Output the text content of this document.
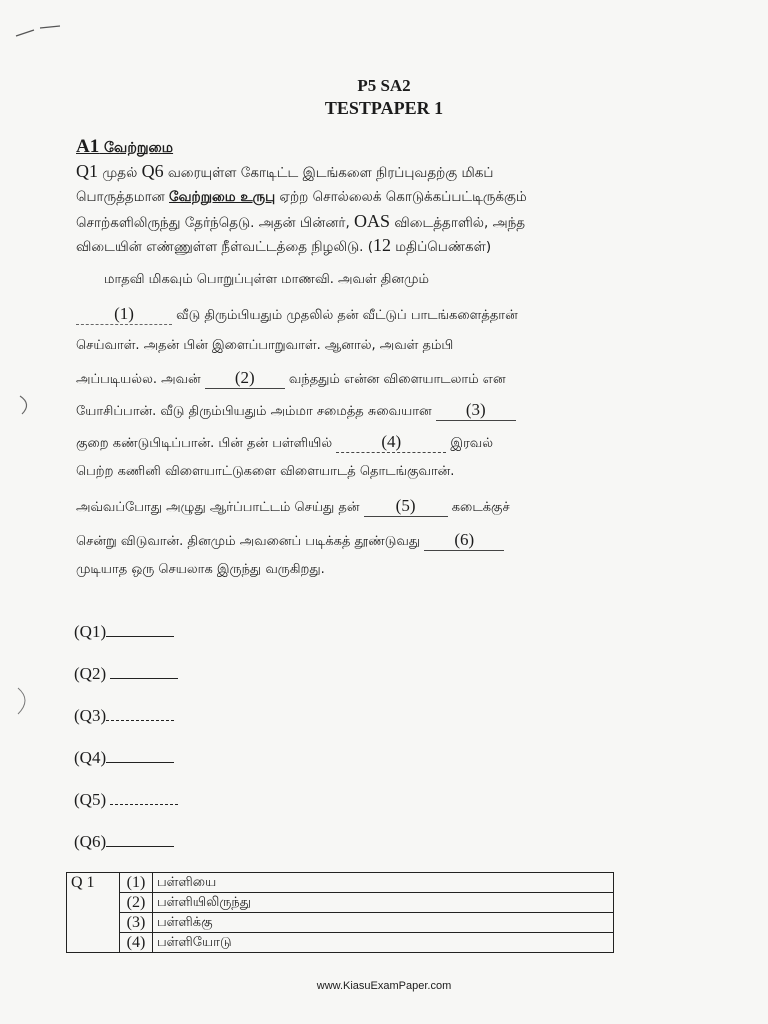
P5 SA2
TESTPAPER 1
A1 வேற்றுமை
Q1 முதல் Q6 வரையுள்ள கோடிட்ட இடங்களை நிரப்புவதற்கு மிகப்
பொருத்தமான வேற்றுமை உருபு ஏற்ற சொல்லைக் கொடுக்கப்பட்டிருக்கும்
சொற்களிலிருந்து தேர்ந்தெடு. அதன் பின்னர், OAS விடைத்தாளில், அந்த
விடையின் எண்ணுள்ள நீள்வட்டத்தை நிழலிடு. (12 மதிப்பெண்கள்)
மாதவி மிகவும் பொறுப்புள்ள மாணவி. அவள் தினமும்
(1)	வீடு திரும்பியதும் முதலில் தன் வீட்டுப் பாடங்களைத்தான்
செய்வாள். அதன் பின் இளைப்பாறுவாள். ஆனால், அவள் தம்பி
அப்படியல்ல. அவன் (2)	வந்ததும் என்ன விளையாடலாம் என
யோசிப்பான். வீடு திரும்பியதும் அம்மா சமைத்த சுவையான (3)
குறை கண்டுபிடிப்பான். பின் தன் பள்ளியில்	(4)	இரவல்
பெற்ற கணினி விளையாட்டுகளை விளையாடத் தொடங்குவான்.
அவ்வப்போது அழுது ஆர்ப்பாட்டம் செய்து தன் (5)	கடைக்குச்
சென்று விடுவான். தினமும் அவனைப் படிக்கத் தூண்டுவது (6)
முடியாத ஒரு செயலாக இருந்து வருகிறது.
(Q1)
(Q2)
(Q3)
(Q4)
(Q5)
(Q6)
Q 1	(1)	பள்ளியை
	(2)	பள்ளியிலிருந்து
	(3)	பள்ளிக்கு
	(4)	பள்ளியோடு
www.KiasuExamPaper.com
